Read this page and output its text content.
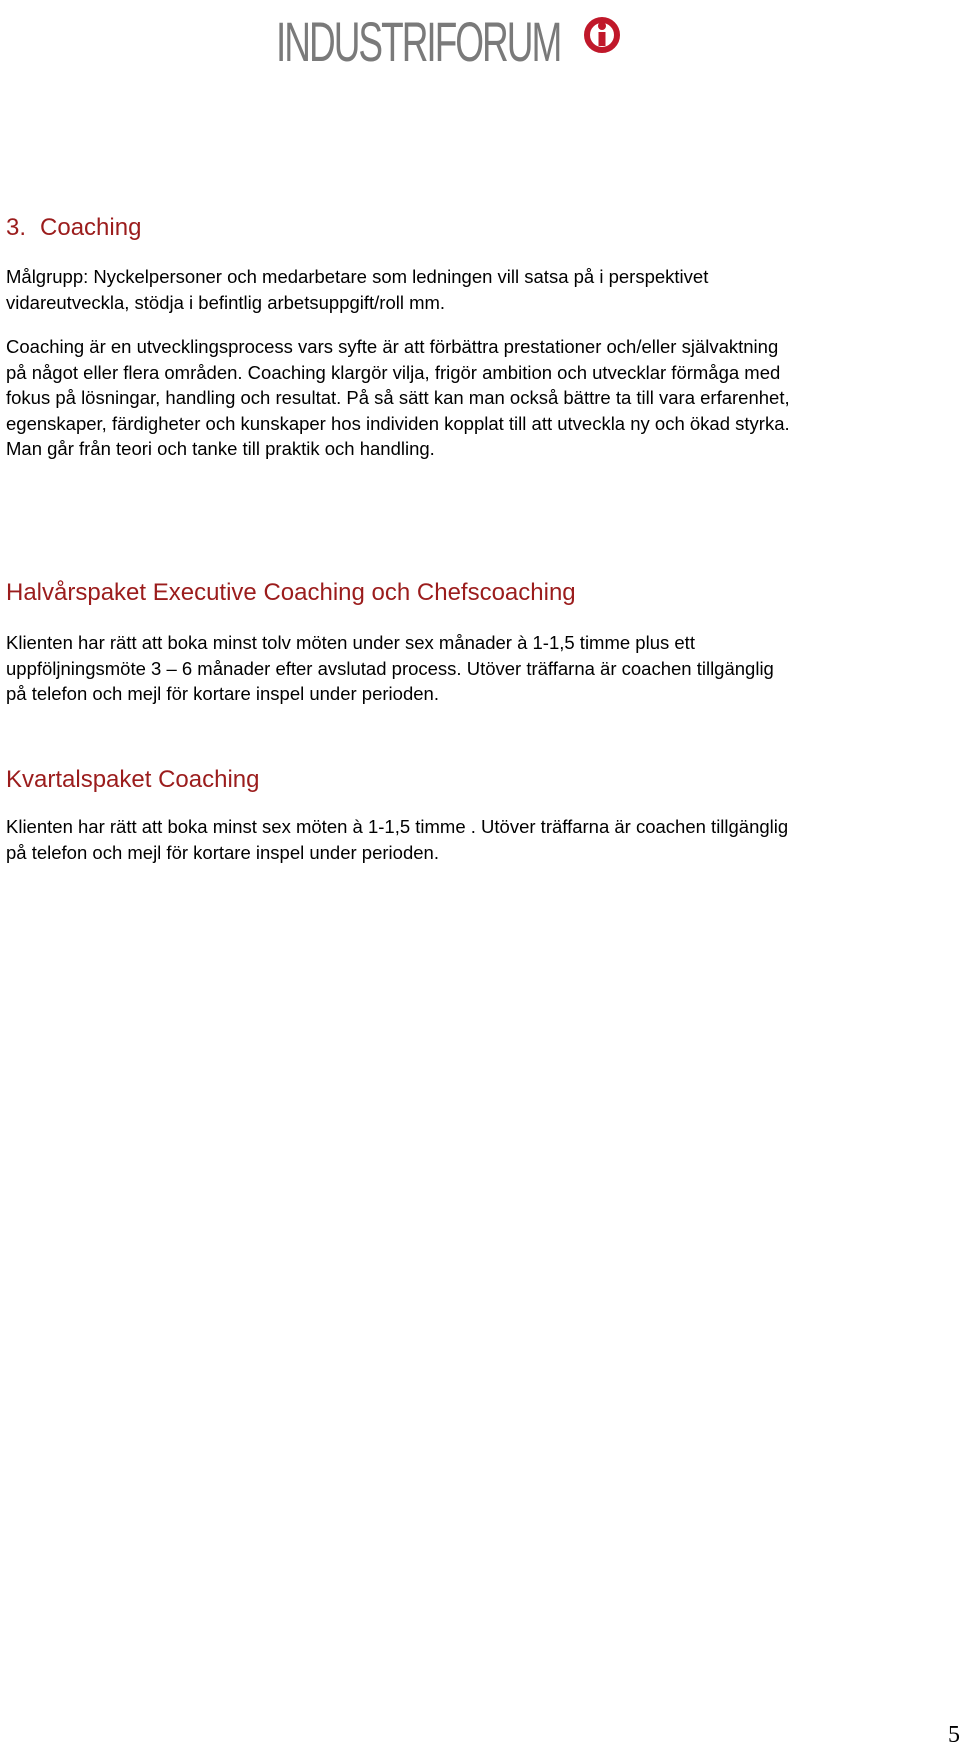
INDUSTRIFORUM
3. Coaching
Målgrupp: Nyckelpersoner och medarbetare som ledningen vill satsa på i perspektivet
vidareutveckla, stödja i befintlig arbetsuppgift/roll mm.
Coaching är en utvecklingsprocess vars syfte är att förbättra prestationer och/eller självaktning
på något eller flera områden. Coaching klargör vilja, frigör ambition och utvecklar förmåga med
fokus på lösningar, handling och resultat. På så sätt kan man också bättre ta till vara erfarenhet,
egenskaper, färdigheter och kunskaper hos individen kopplat till att utveckla ny och ökad styrka.
Man går från teori och tanke till praktik och handling.
Halvårspaket Executive Coaching och Chefscoaching
Klienten har rätt att boka minst tolv möten under sex månader à 1-1,5 timme plus ett
uppföljningsmöte 3 – 6 månader efter avslutad process. Utöver träffarna är coachen tillgänglig
på telefon och mejl för kortare inspel under perioden.
Kvartalspaket Coaching
Klienten har rätt att boka minst sex möten à 1-1,5 timme . Utöver träffarna är coachen tillgänglig
på telefon och mejl för kortare inspel under perioden.
5
